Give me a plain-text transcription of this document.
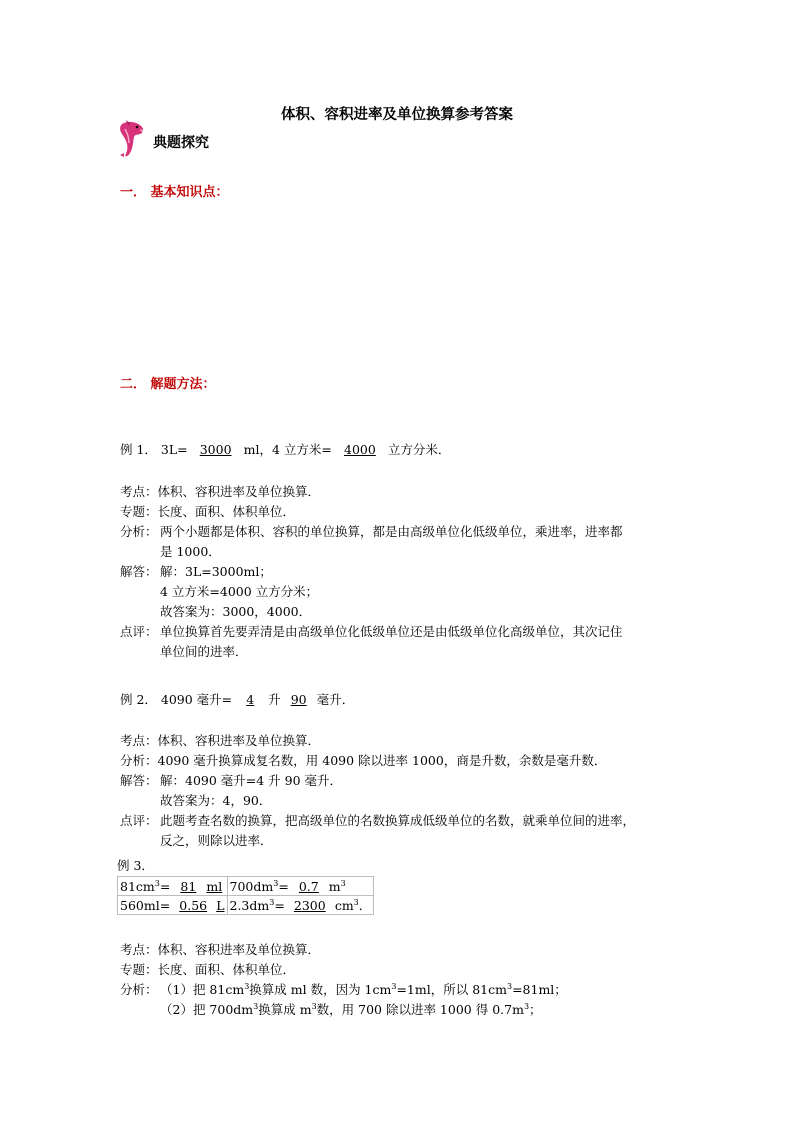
体积、容积进率及单位换算参考答案
典题探究
一． 基本知识点：
二． 解题方法：
例 1． 3L= 3000 ml，4 立方米= 4000 立方分米．
考点：体积、容积进率及单位换算．
专题：长度、面积、体积单位．
分析： 两个小题都是体积、容积的单位换算，都是由高级单位化低级单位，乘进率，进率都
是 1000．
解答： 解：3L=3000ml；
4 立方米=4000 立方分米；
故答案为：3000，4000．
点评： 单位换算首先要弄清是由高级单位化低级单位还是由低级单位化高级单位，其次记住
单位间的进率．
例 2． 4090 毫升= 4 升 90 毫升．
考点：体积、容积进率及单位换算．
分析：4090 毫升换算成复名数，用 4090 除以进率 1000，商是升数，余数是毫升数．
解答： 解：4090 毫升=4 升 90 毫升．
故答案为：4，90．
点评： 此题考查名数的换算，把高级单位的名数换算成低级单位的名数，就乘单位间的进率，
反之，则除以进率．
例 3．
$81cm^3= 81$ ml	$700dm^3= 0.7$ $m^3$
560ml= 0.56 L	$2.3dm^3= 2300$ $cm^3$．
考点：体积、容积进率及单位换算．
专题：长度、面积、体积单位．
分析： （1）把 $81cm^3$换算成 ml 数，因为 $1cm^3=1ml$，所以 $81cm^3=81ml$；
（2）把 $700dm^3$换算成 $m^3$数，用 700 除以进率 1000 得 $0.7m^3$；
